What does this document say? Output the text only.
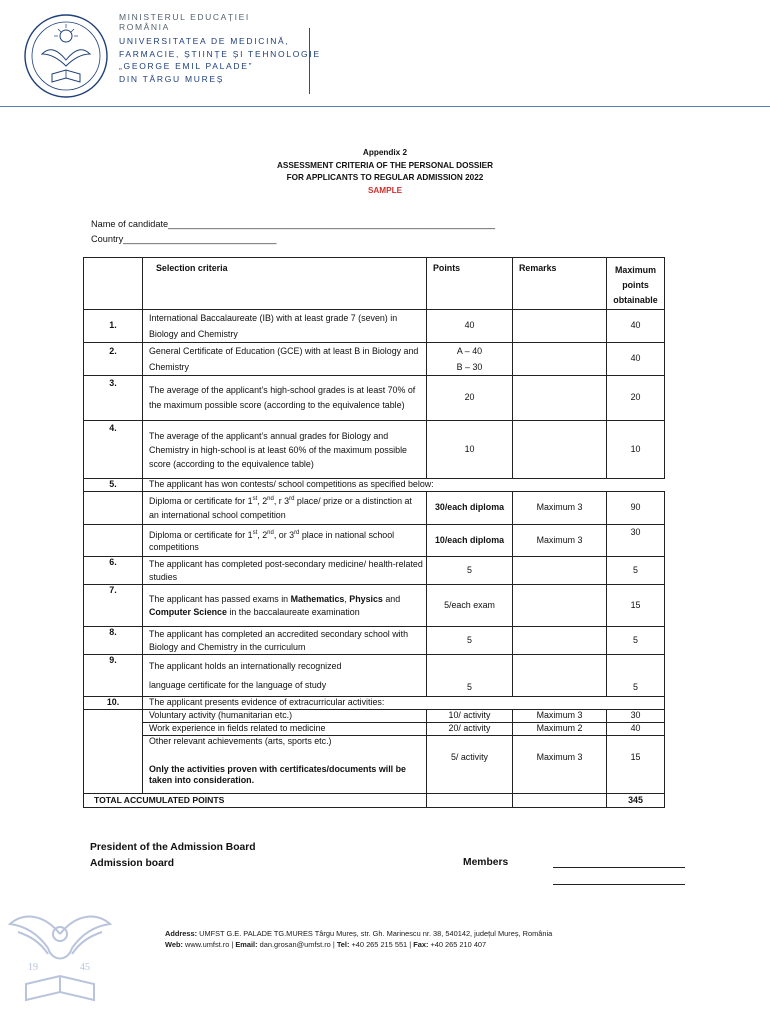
MINISTERUL EDUCAȚIEI

ROMÂNIA

UNIVERSITATEA DE MEDICINĂ,

FARMACIE, ȘTIINȚE ȘI TEHNOLOGIE

„GEORGE EMIL PALADE”

DIN TÂRGU MUREȘ

Appendix 2
ASSESSMENT CRITERIA OF THE PERSONAL DOSSIER
FOR APPLICANTS TO REGULAR ADMISSION 2022
SAMPLE
Name of candidate________________________________________________________________
Country______________________________
	Selection criteria	Points	Remarks	Maximum
points
obtainable

1.	International Baccalaureate (IB) with at least grade 7 (seven) in Biology and Chemistry	40		40
2.	General Certificate of Education (GCE) with at least B in Biology and Chemistry	A – 40
B – 30		40
3.	The average of the applicant’s high-school grades is at least 70% of the maximum possible score (according to the equivalence table)	20		20
4.	The average of the applicant’s annual grades for Biology and Chemistry in high-school is at least 60% of the maximum possible score (according to the equivalence table)	10		10
5.	The applicant has won contests/ school competitions as specified below:			
	Diploma or certificate for 1st, 2nd, r 3rd place/ prize or a distinction at an international school competition	30/each diploma	Maximum 3	90
	Diploma or certificate for 1st, 2nd, or 3rd place in national school competitions	10/each diploma	Maximum 3	30
6.	The applicant has completed post-secondary medicine/ health-related studies	5		5
7.	The applicant has passed exams in Mathematics, Physics and Computer Science in the baccalaureate examination	5/each exam		15
8.	The applicant has completed an accredited secondary school with Biology and Chemistry in the curriculum	5		5
9.	The applicant holds an internationally recognized
language certificate for the language of study	5		5
10.	The applicant presents evidence of extracurricular activities:			
	Voluntary activity (humanitarian etc.)	10/ activity	Maximum 3	30
	Work experience in fields related to medicine	20/ activity	Maximum 2	40

	Other relevant achievements (arts, sports etc.)
Only the activities proven with certificates/documents will be taken into consideration.	5/ activity	Maximum 3	15
TOTAL ACCUMULATED POINTS				345
President of the Admission Board
Admission board	Members
19	45
Address: UMFST G.E. PALADE TG.MURES Târgu Mureș, str. Gh. Marinescu nr. 38, 540142, județul Mureș, România
Web: www.umfst.ro | Email: dan.grosan@umfst.ro | Tel: +40 265 215 551 | Fax: +40 265 210 407
